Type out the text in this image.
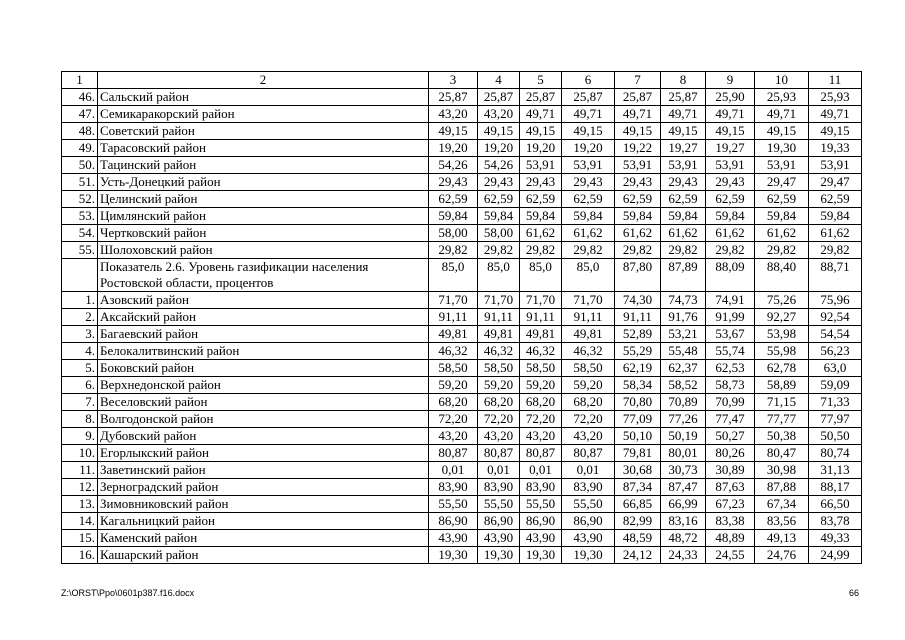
1	2	3	4	5	6	7	8	9	10	11
46.	Сальский район	25,87	25,87	25,87	25,87	25,87	25,87	25,90	25,93	25,93
47.	Семикаракорский район	43,20	43,20	49,71	49,71	49,71	49,71	49,71	49,71	49,71
48.	Советский район	49,15	49,15	49,15	49,15	49,15	49,15	49,15	49,15	49,15
49.	Тарасовский район	19,20	19,20	19,20	19,20	19,22	19,27	19,27	19,30	19,33
50.	Тацинский район	54,26	54,26	53,91	53,91	53,91	53,91	53,91	53,91	53,91
51.	Усть-Донецкий район	29,43	29,43	29,43	29,43	29,43	29,43	29,43	29,47	29,47
52.	Целинский район	62,59	62,59	62,59	62,59	62,59	62,59	62,59	62,59	62,59
53.	Цимлянский район	59,84	59,84	59,84	59,84	59,84	59,84	59,84	59,84	59,84
54.	Чертковский район	58,00	58,00	61,62	61,62	61,62	61,62	61,62	61,62	61,62
55.	Шолоховский район	29,82	29,82	29,82	29,82	29,82	29,82	29,82	29,82	29,82
	Показатель 2.6. Уровень газификации населения Ростовской области, процентов	85,0	85,0	85,0	85,0	87,80	87,89	88,09	88,40	88,71
1.	Азовский район	71,70	71,70	71,70	71,70	74,30	74,73	74,91	75,26	75,96
2.	Аксайский район	91,11	91,11	91,11	91,11	91,11	91,76	91,99	92,27	92,54
3.	Багаевский район	49,81	49,81	49,81	49,81	52,89	53,21	53,67	53,98	54,54
4.	Белокалитвинский район	46,32	46,32	46,32	46,32	55,29	55,48	55,74	55,98	56,23
5.	Боковский район	58,50	58,50	58,50	58,50	62,19	62,37	62,53	62,78	63,0
6.	Верхнедонской район	59,20	59,20	59,20	59,20	58,34	58,52	58,73	58,89	59,09
7.	Веселовский район	68,20	68,20	68,20	68,20	70,80	70,89	70,99	71,15	71,33
8.	Волгодонской район	72,20	72,20	72,20	72,20	77,09	77,26	77,47	77,77	77,97
9.	Дубовский район	43,20	43,20	43,20	43,20	50,10	50,19	50,27	50,38	50,50
10.	Егорлыкский район	80,87	80,87	80,87	80,87	79,81	80,01	80,26	80,47	80,74
11.	Заветинский район	0,01	0,01	0,01	0,01	30,68	30,73	30,89	30,98	31,13
12.	Зерноградский район	83,90	83,90	83,90	83,90	87,34	87,47	87,63	87,88	88,17
13.	Зимовниковский район	55,50	55,50	55,50	55,50	66,85	66,99	67,23	67,34	66,50
14.	Кагальницкий район	86,90	86,90	86,90	86,90	82,99	83,16	83,38	83,56	83,78
15.	Каменский район	43,90	43,90	43,90	43,90	48,59	48,72	48,89	49,13	49,33
16.	Кашарский район	19,30	19,30	19,30	19,30	24,12	24,33	24,55	24,76	24,99
Z:\ORST\Ppo\0601p387.f16.docx	66
